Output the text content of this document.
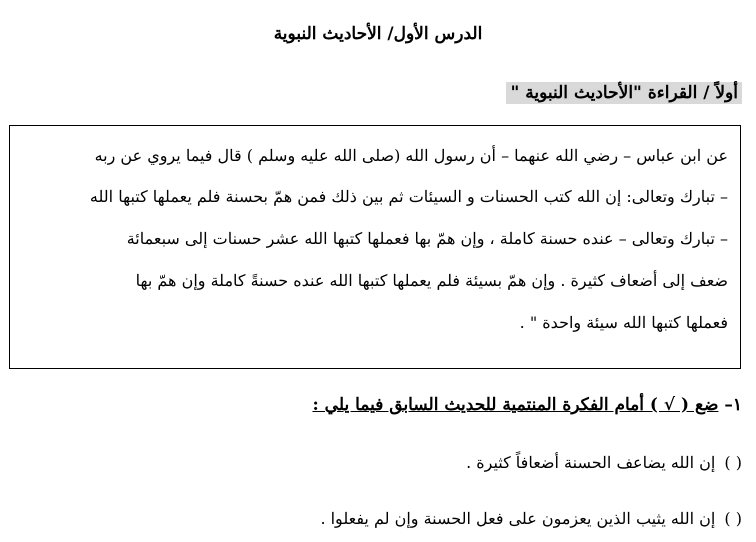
الدرس الأول/ الأحاديث النبوية
أولاً / القراءة "الأحاديث النبوية "
عن ابن عباس – رضي الله عنهما – أن رسول الله (صلى الله عليه وسلم ) قال فيما يروي عن ربه
– تبارك وتعالى: إن الله كتب الحسنات و السيئات ثم بين ذلك فمن همّ بحسنة فلم يعملها كتبها الله
– تبارك وتعالى – عنده حسنة كاملة ، وإن همّ بها فعملها كتبها الله عشر حسنات إلى سبعمائة
ضعف إلى أضعاف كثيرة . وإن همّ بسيئة فلم يعملها كتبها الله عنده حسنةً كاملة وإن همّ بها
فعملها كتبها الله سيئة واحدة " .
١– ضع ( √ ) أمام الفكرة المنتمية للحديث السابق فيما يلي :
( ) إن الله يضاعف الحسنة أضعافاً كثيرة .
( ) إن الله يثيب الذين يعزمون على فعل الحسنة وإن لم يفعلوا .
